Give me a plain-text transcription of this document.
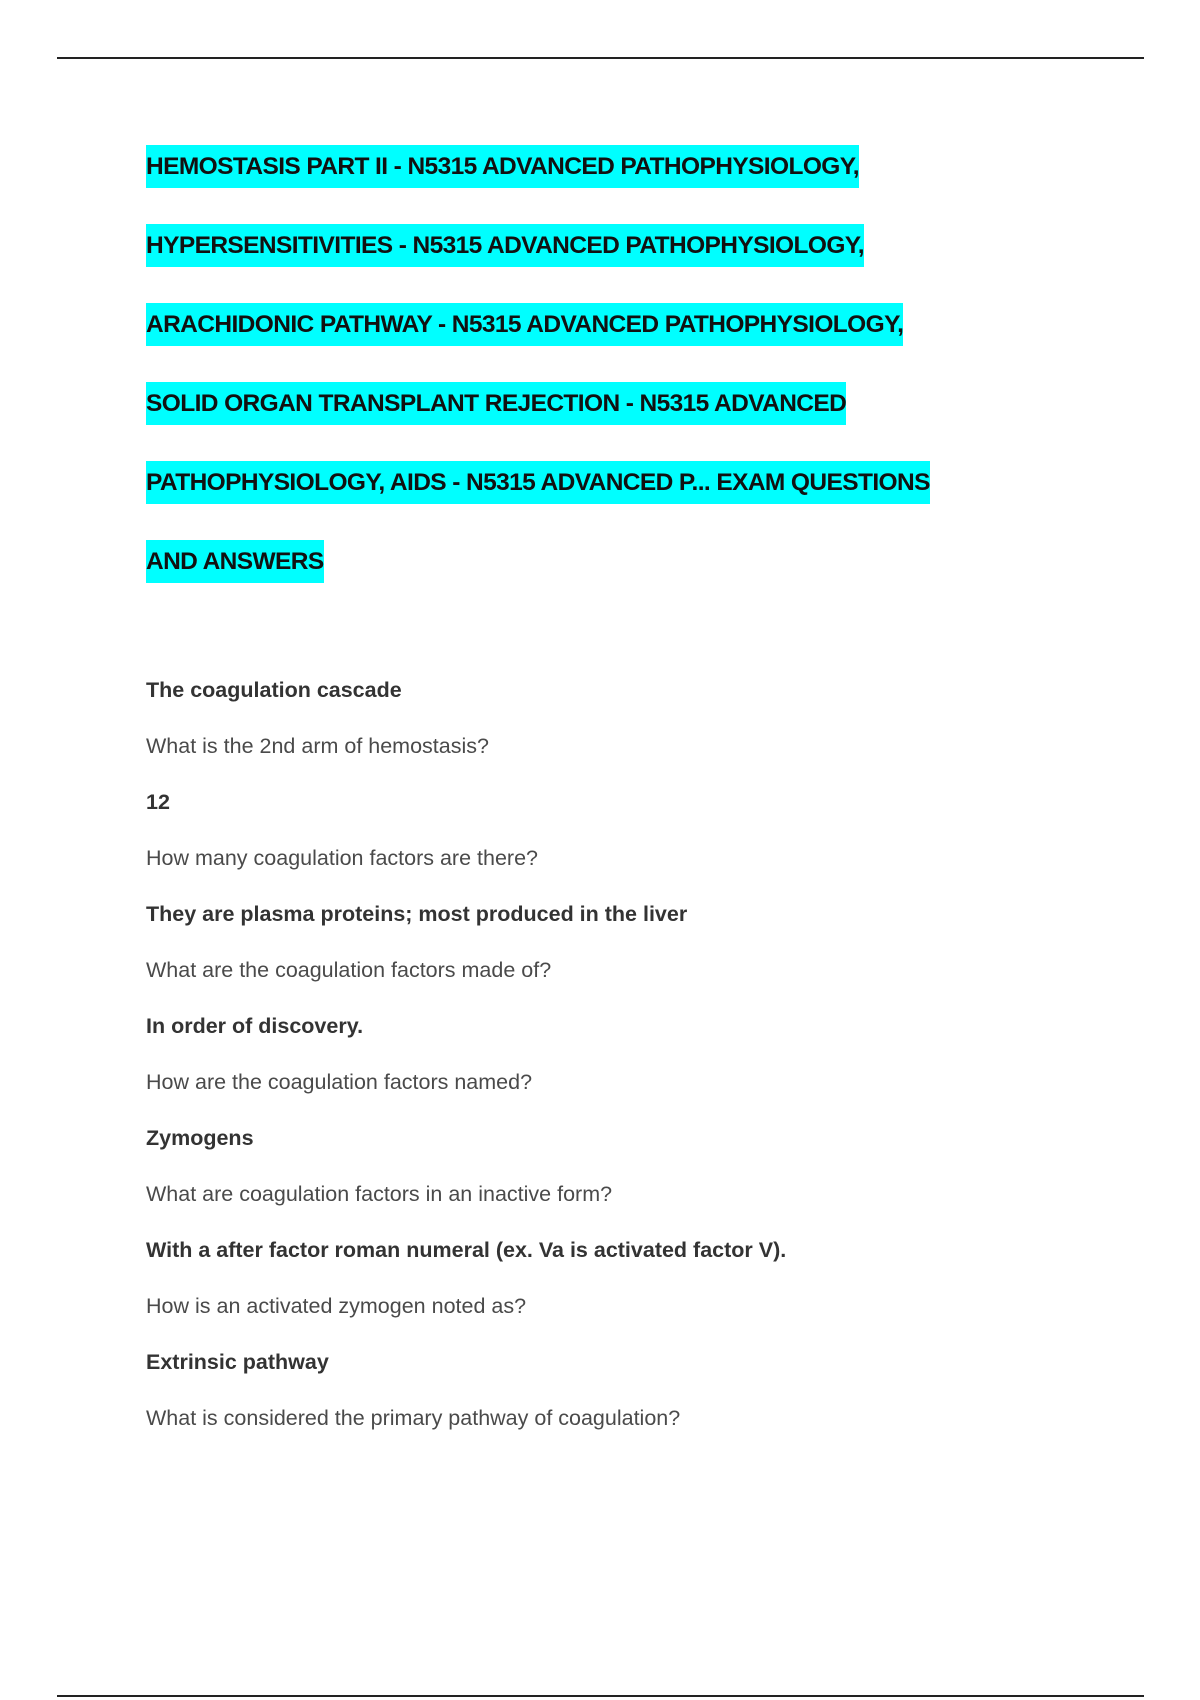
HEMOSTASIS PART II - N5315 ADVANCED PATHOPHYSIOLOGY,
HYPERSENSITIVITIES - N5315 ADVANCED PATHOPHYSIOLOGY,
ARACHIDONIC PATHWAY - N5315 ADVANCED PATHOPHYSIOLOGY,
SOLID ORGAN TRANSPLANT REJECTION - N5315 ADVANCED
PATHOPHYSIOLOGY, AIDS - N5315 ADVANCED P... EXAM QUESTIONS
AND ANSWERS
The coagulation cascade
What is the 2nd arm of hemostasis?
12
How many coagulation factors are there?
They are plasma proteins; most produced in the liver
What are the coagulation factors made of?
In order of discovery.
How are the coagulation factors named?
Zymogens
What are coagulation factors in an inactive form?
With a after factor roman numeral (ex. Va is activated factor V).
How is an activated zymogen noted as?
Extrinsic pathway
What is considered the primary pathway of coagulation?
